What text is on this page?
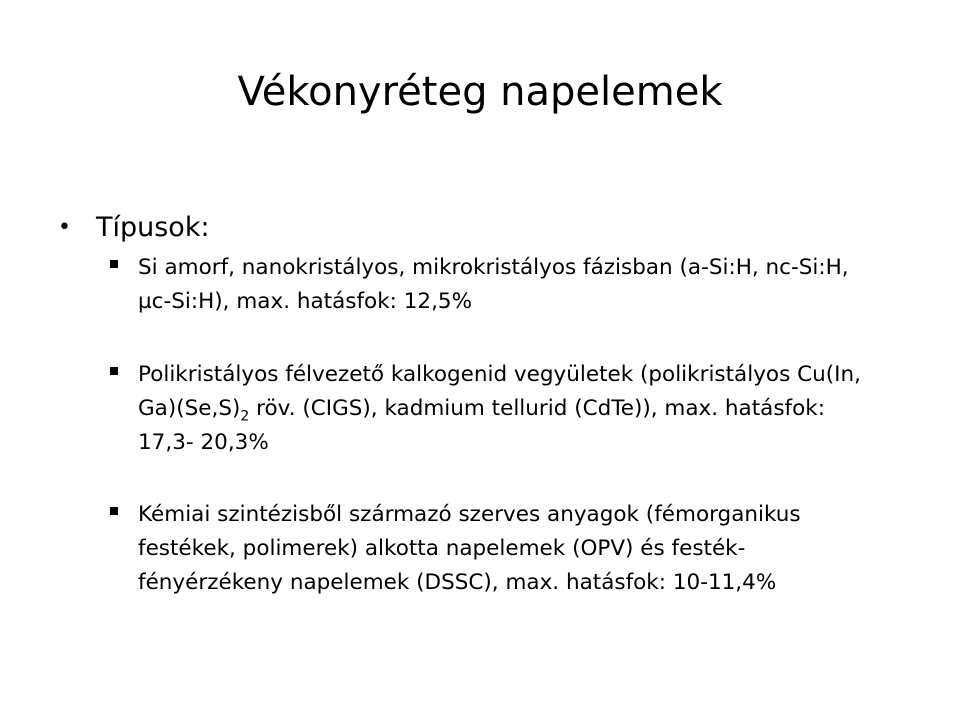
Vékonyréteg napelemek
• Típusok:
Si amorf, nanokristályos, mikrokristályos fázisban (a-Si:H, nc-Si:H, µc-Si:H), max. hatásfok: 12,5%
Polikristályos félvezető kalkogenid vegyületek (polikristályos Cu(In, $Ga)(Se,S)_2$ röv. (CIGS), kadmium tellurid (CdTe)), max. hatásfok: 17,3- 20,3%
Kémiai szintézisből származó szerves anyagok (fémorganikus festékek, polimerek) alkotta napelemek (OPV) és festék-fényérzékeny napelemek (DSSC), max. hatásfok: 10-11,4%
